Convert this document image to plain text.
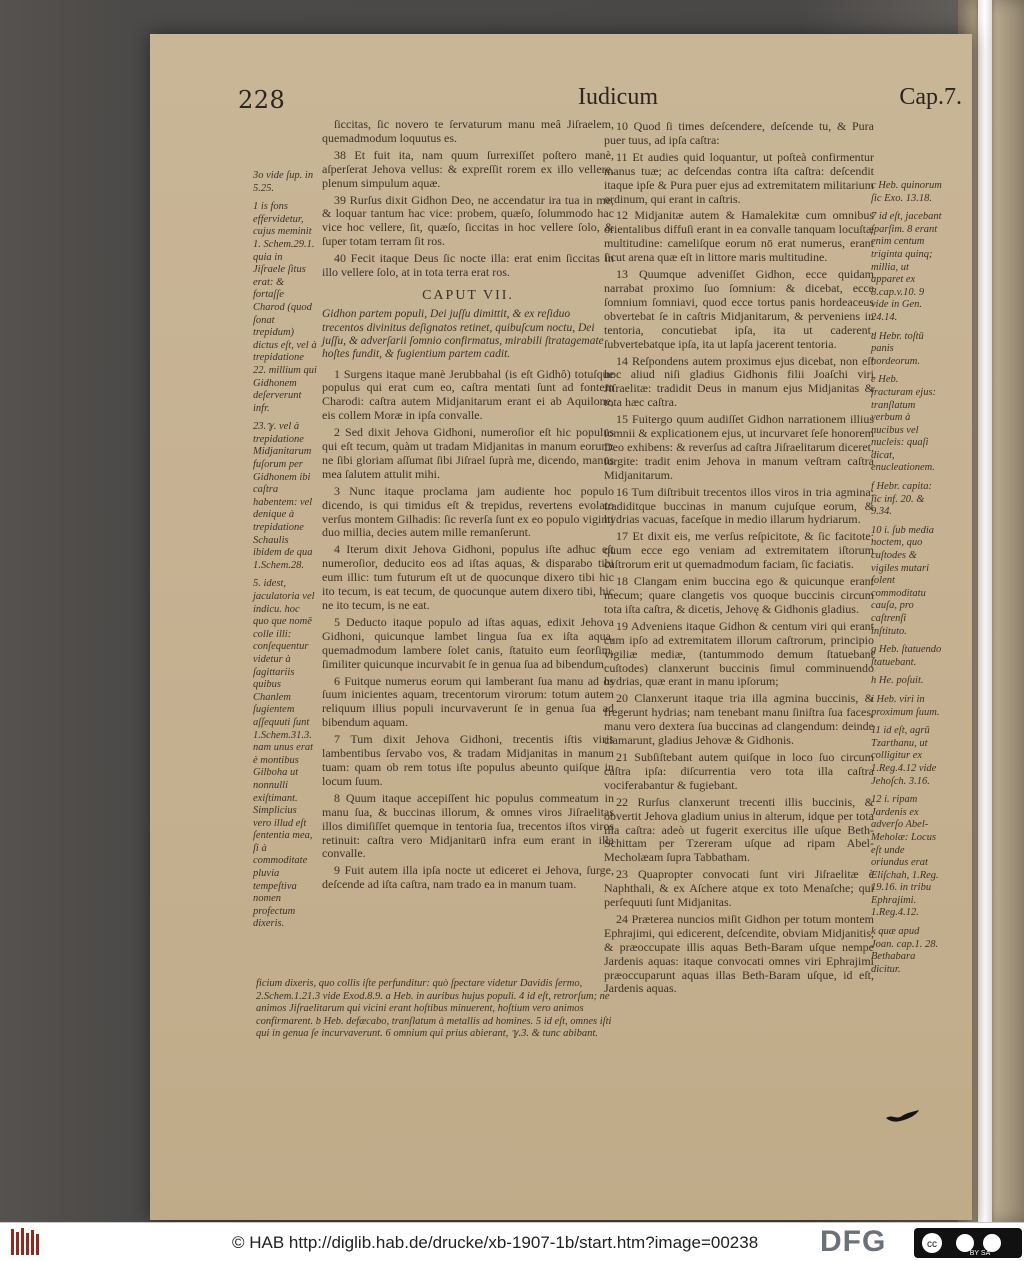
228	Iudicum	Cap.7.

3o vide ſup. in 5.25.

1 is fons effervidetur, cujus meminit 1. Schem.29.1. quia in Jiſraele ſitus erat: & fortaſſe Charod (quod ſonat trepidum) dictus eſt, vel à trepidatione 22. millium qui Gidhonem deſerverunt infr.

23.ℽ. vel à trepidatione Midjanitarum fuſorum per Gidhonem ibi caſtra habentem: vel denique à trepidatione Schaulis ibidem de qua 1.Schem.28.

5. idest, jaculatoria vel indicu. hoc quo que nomē colle illi: conſequentur videtur à ſagittariis quibus Chanlem ſugientem aſſequuti ſunt 1.Schem.31.3. nam unus erat è montibus Gilboha ut nonnulli exiſtimant. Simplicius vero illud eſt ſententia mea, ſi à commoditate pluvia tempeſtiva nomen profectum dixeris.

ſiccitas, ſic novero te ſervaturum manu meâ Jiſraelem, quemadmodum loquutus es.

38 Et fuit ita, nam quum ſurrexiſſet poſtero manè, aſperſerat Jehova vellus: & expreſſit rorem ex illo vellere, plenum simpulum aquæ.

39 Rurſus dixit Gidhon Deo, ne accendatur ira tua in me, & loquar tantum hac vice: probem, quæſo, ſolummodo hac vice hoc vellere, ſit, quæſo, ſiccitas in hoc vellere ſolo, & ſuper totam terram ſit ros.

40 Fecit itaque Deus ſic nocte illa: erat enim ſiccitas in illo vellere ſolo, at in tota terra erat ros.

CAPUT VII.

Gidhon partem populi, Dei juſſu dimittit, & ex reſiduo trecentos divinitus deſignatos retinet, quibuſcum noctu, Dei juſſu, & adverſarii ſomnio confirmatus, mirabili ſtratagemate hoſtes fundit, & fugientium partem cadit.

1 Surgens itaque manè Jerubbahal (is eſt Gidhô) totuſque populus qui erat cum eo, caſtra mentati ſunt ad fontem Charodi: caſtra autem Midjanitarum erant ei ab Aquilone, eis collem Moræ in ipſa convalle.

2 Sed dixit Jehova Gidhoni, numeroſior eſt hic populus qui eſt tecum, quàm ut tradam Midjanitas in manum eorum: ne ſibi gloriam aſſumat ſibi Jiſrael ſuprà me, dicendo, manus mea ſalutem attulit mihi.

3 Nunc itaque proclama jam audiente hoc populo dicendo, is qui timidus eſt & trepidus, revertens evolato verſus montem Gilhadis: ſic reverſa ſunt ex eo populo viginti duo millia, decies autem mille remanſerunt.

4 Iterum dixit Jehova Gidhoni, populus iſte adhuc eſt numeroſior, deducito eos ad iſtas aquas, & disparabo tibi eum illic: tum futurum eſt ut de quocunque dixero tibi hic ito tecum, is eat tecum, de quocunque autem dixero tibi, hic ne ito tecum, is ne eat.

5 Deducto itaque populo ad iſtas aquas, edixit Jehova Gidhoni, quicunque lambet lingua ſua ex iſta aqua, quemadmodum lambere ſolet canis, ſtatuito eum ſeorſim, ſimiliter quicunque incurvabit ſe in genua ſua ad bibendum.

6 Fuitque numerus eorum qui lamberant ſua manu ad os ſuum inicientes aquam, trecentorum virorum: totum autem reliquum illius populi incurvaverunt ſe in genua ſua ad bibendum aquam.

7 Tum dixit Jehova Gidhoni, trecentis iſtis viris lambentibus ſervabo vos, & tradam Midjanitas in manum tuam: quam ob rem totus iſte populus abeunto quiſque in locum ſuum.

8 Quum itaque accepiſſent hic populus commeatum in manu ſua, & buccinas illorum, & omnes viros Jiſraelitas illos dimiſiſſet quemque in tentoria ſua, trecentos iſtos viros retinuit: caſtra vero Midjanitarū infra eum erant in illa convalle.

9 Fuit autem illa ipſa nocte ut ediceret ei Jehova, ſurge, deſcende ad iſta caſtra, nam trado ea in manum tuam.

10 Quod ſi times deſcendere, deſcende tu, & Pura puer tuus, ad ipſa caſtra:

11 Et audies quid loquantur, ut poſteà confirmentur manus tuæ; ac deſcendas contra iſta caſtra: deſcendit itaque ipſe & Pura puer ejus ad extremitatem militarium ordinum, qui erant in caſtris.

12 Midjanitæ autem & Hamalekitæ cum omnibus orientalibus diffuſi erant in ea convalle tanquam locuſtæ multitudine: cameliſque eorum nō erat numerus, erant ſicut arena quæ eſt in littore maris multitudine.

13 Quumque adveniſſet Gidhon, ecce quidam narrabat proximo ſuo ſomnium: & dicebat, ecce ſomnium ſomniavi, quod ecce tortus panis hordeaceus obvertebat ſe in caſtris Midjanitarum, & perveniens in tentoria, concutiebat ipſa, ita ut caderent, ſubvertebatque ipſa, ita ut lapſa jacerent tentoria.

14 Reſpondens autem proximus ejus dicebat, non eſt hoc aliud niſi gladius Gidhonis filii Joaſchi viri Jiſraelitæ: tradidit Deus in manum ejus Midjanitas & tota hæc caſtra.

15 Fuitergo quum audiſſet Gidhon narrationem illius ſomnii & explicationem ejus, ut incurvaret ſeſe honorem Deo exhibens: & reverſus ad caſtra Jiſraelitarum diceret, ſurgite: tradit enim Jehova in manum veſtram caſtra Midjanitarum.

16 Tum diſtribuit trecentos illos viros in tria agmina: tradiditque buccinas in manum cujuſque eorum, & hydrias vacuas, faceſque in medio illarum hydriarum.

17 Et dixit eis, me verſus reſpicitote, & ſic facitote: quum ecce ego veniam ad extremitatem iſtorum caſtrorum erit ut quemadmodum faciam, ſic faciatis.

18 Clangam enim buccina ego & quicunque erant mecum; quare clangetis vos quoque buccinis circum tota iſta caſtra, & dicetis, Jehovę & Gidhonis gladius.

19 Adveniens itaque Gidhon & centum viri qui erant cum ipſo ad extremitatem illorum caſtrorum, principio vigiliæ mediæ, (tantummodo demum ſtatuebant cuſtodes) clanxerunt buccinis ſimul comminuendo hydrias, quæ erant in manu ipſorum;

20 Clanxerunt itaque tria illa agmina buccinis, & fregerunt hydrias; nam tenebant manu ſiniſtra ſua faces, manu vero dextera ſua buccinas ad clangendum: deinde clamarunt, gladius Jehovæ & Gidhonis.

21 Subſiſtebant autem quiſque in loco ſuo circum caſtra ipſa: diſcurrentia vero tota illa caſtra vociferabantur & fugiebant.

22 Rurſus clanxerunt trecenti illis buccinis, & obvertit Jehova gladium unius in alterum, idque per tota illa caſtra: adeò ut fugerit exercitus ille uſque Beth-Schittam per Tzereram uſque ad ripam Abel-Mecholæam ſupra Tabbatham.

23 Quapropter convocati ſunt viri Jiſraelitæ è Naphthali, & ex Aſchere atque ex toto Menaſche; qui perſequuti ſunt Midjanitas.

24 Præterea nuncios miſit Gidhon per totum montem Ephrajimi, qui edicerent, deſcendite, obviam Midjanitis, & præoccupate illis aquas Beth-Baram uſque nempe Jardenis aquas: itaque convocati omnes viri Ephrajimi præoccuparunt aquas illas Beth-Baram uſque, id eſt, Jardenis aquas.

c Heb. quinorum ſic Exo. 13.18.

7 id eſt, jacebant ſparſim. 8 erant enim centum triginta quinq; millia, ut apparet ex 8.cap.v.10. 9 vide in Gen. 24.14.

d Hebr. toſtū panis hordeorum.

e Heb. fracturam ejus: tranſlatum verbum à nucibus vel nucleis: quaſi dicat, enucleationem.

f Hebr. capita: ſic inf. 20. & 9.34.

10 i. ſub media noctem, quo cuſtodes & vigiles mutari ſolent commoditatu cauſa, pro caſtrenſi inſtituto.

g Heb. ſtatuendo ſtatuebant.

h He. poſuit.

i Heb. viri in proximum ſuum.

11 id eſt, agrū Tzarthanu, ut colligitur ex 1.Reg.4.12 vide Jehoſch. 3.16.

12 i. ripam Jardenis ex adverſo Abel-Meholæ: Locus eſt unde oriundus erat Eliſchah, 1.Reg. 19.16. in tribu Ephrajimi. 1.Reg.4.12.

k quæ apud Joan. cap.1. 28. Bethabara dicitur.

ficium dixeris, quo collis iſte perfunditur: quò ſpectare videtur Davidis ſermo, 2.Schem.1.21.3 vide Exod.8.9. a Heb. in auribus hujus populi. 4 id eſt, retrorſum; ne animos Jiſraelitarum qui vicini erant hoſtibus minuerent, hoſtium vero animos confirmarent. b Heb. defæcabo, tranſlatum à metallis ad homines. 5 id eſt, omnes iſti qui in genua ſe incurvaverunt. 6 omnium qui prius abierant, ℽ.3. & tunc abibant.
© HAB http://diglib.hab.de/drucke/xb-1907-1b/start.htm?image=00238 DFG	cc
BY SA
